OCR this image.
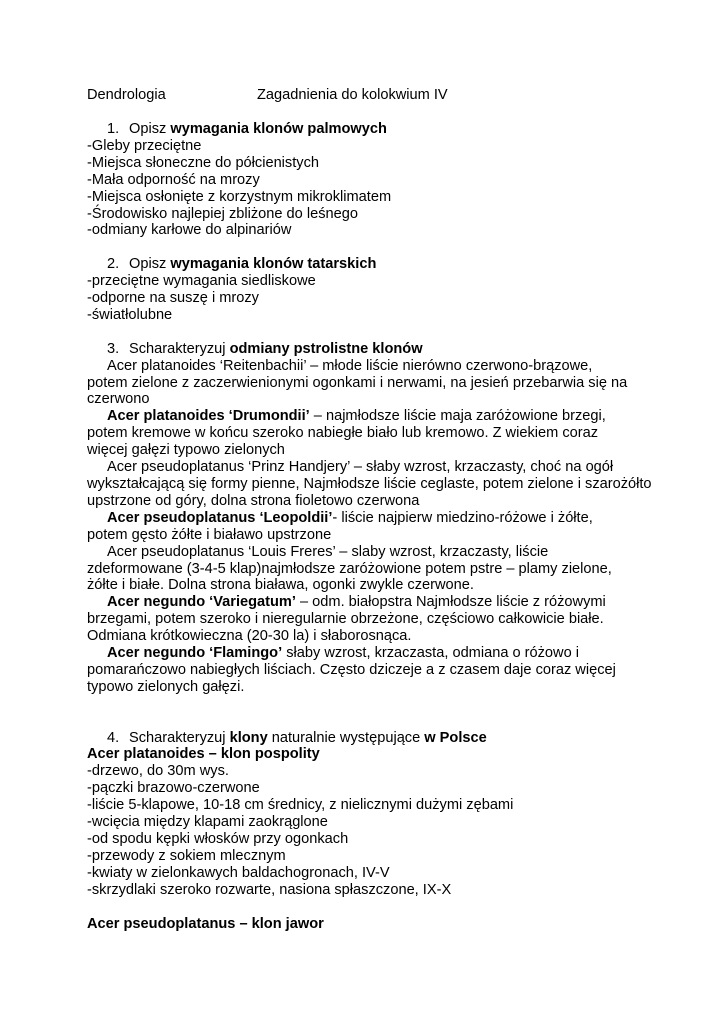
Dendrologia	Zagadnienia do kolokwium IV
1. Opisz wymagania klonów palmowych
-Gleby przeciętne
-Miejsca słoneczne do półcienistych
-Mała odporność na mrozy
-Miejsca osłonięte z korzystnym mikroklimatem
-Środowisko najlepiej zbliżone do leśnego
-odmiany karłowe do alpinariów
2. Opisz wymagania klonów tatarskich
-przeciętne wymagania siedliskowe
-odporne na suszę i mrozy
-światłolubne
3. Scharakteryzuj odmiany pstrolistne klonów
Acer platanoides ‘Reitenbachii’ – młode liście nierówno czerwono-brązowe,
potem zielone z zaczerwienionymi ogonkami i nerwami, na jesień przebarwia się na
czerwono
Acer platanoides ‘Drumondii’ – najmłodsze liście maja zaróżowione brzegi,
potem kremowe w końcu szeroko nabiegłe biało lub kremowo. Z wiekiem coraz
więcej gałęzi typowo zielonych
Acer pseudoplatanus ‘Prinz Handjery’ – słaby wzrost, krzaczasty, choć na ogół
wykształcającą się formy pienne, Najmłodsze liście ceglaste, potem zielone i szarożółto
upstrzone od góry, dolna strona fioletowo czerwona
Acer pseudoplatanus ‘Leopoldii’- liście najpierw miedzino-różowe i żółte,
potem gęsto żółte i białawo upstrzone
Acer pseudoplatanus ‘Louis Freres’ – slaby wzrost, krzaczasty, liście
zdeformowane (3-4-5 klap)najmłodsze zaróżowione potem pstre – plamy zielone,
żółte i białe. Dolna strona biaława, ogonki zwykle czerwone.
Acer negundo ‘Variegatum’ – odm. białopstra Najmłodsze liście z różowymi
brzegami, potem szeroko i nieregularnie obrzeżone, częściowo całkowicie białe.
Odmiana krótkowieczna (20-30 la) i słaborosnąca.
Acer negundo ‘Flamingo’ słaby wzrost, krzaczasta, odmiana o różowo i
pomarańczowo nabiegłych liściach. Często dziczeje a z czasem daje coraz więcej
typowo zielonych gałęzi.
4. Scharakteryzuj klony naturalnie występujące w Polsce
Acer platanoides – klon pospolity
-drzewo, do 30m wys.
-pączki brazowo-czerwone
-liście 5-klapowe, 10-18 cm średnicy, z nielicznymi dużymi zębami
-wcięcia między klapami zaokrąglone
-od spodu kępki włosków przy ogonkach
-przewody z sokiem mlecznym
-kwiaty w zielonkawych baldachogronach, IV-V
-skrzydlaki szeroko rozwarte, nasiona spłaszczone, IX-X
Acer pseudoplatanus – klon jawor
